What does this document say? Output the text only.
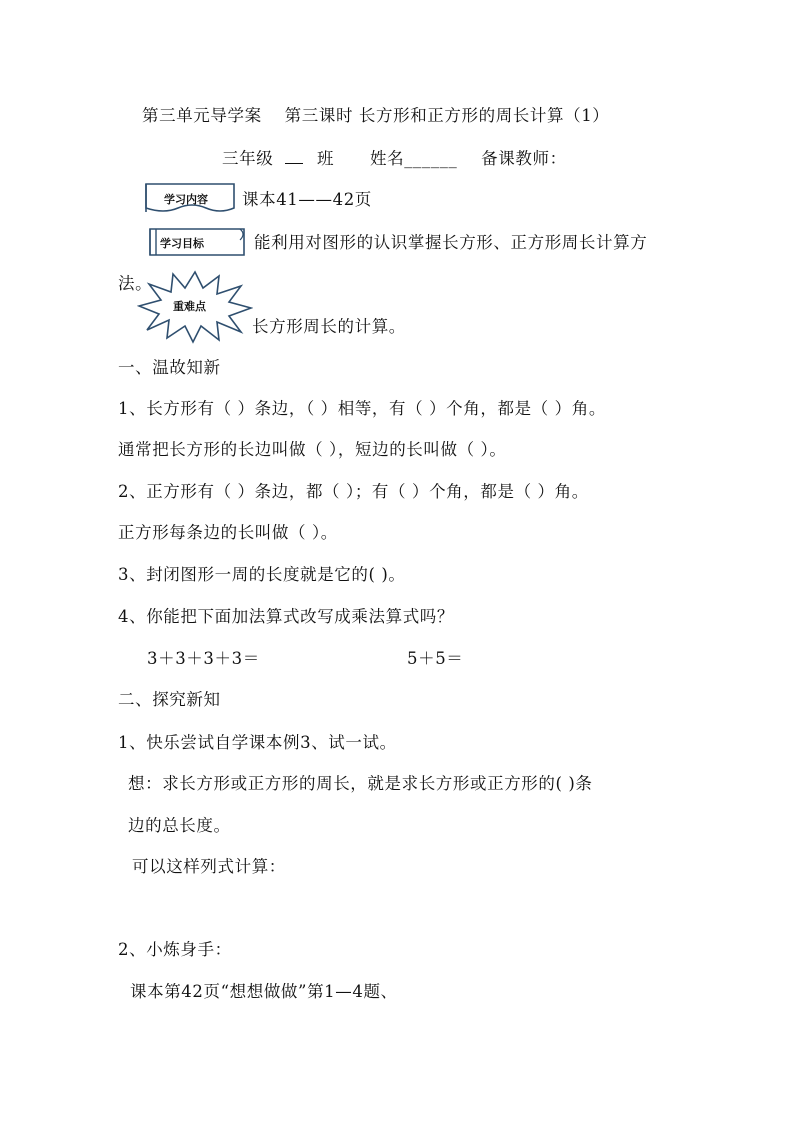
第三单元导学案　 第三课时 长方形和正方形的周长计算（1）
三年级	班 姓名______ 备课教师：
学习内容 课本41——42页
学习目标	能利用对图形的认识掌握长方形、正方形周长计算方
法。
重难点
长方形周长的计算。
一、温故知新
1、长方形有（ ）条边，（ ）相等，有（ ）个角，都是（ ）角。
通常把长方形的长边叫做（ ），短边的长叫做（ ）。
2、正方形有（ ）条边，都（ ）；有（ ）个角，都是（ ）角。
正方形每条边的长叫做（ ）。
3、封闭图形一周的长度就是它的( )。
4、你能把下面加法算式改写成乘法算式吗？
3＋3＋3＋3＝	5＋5＝
二、探究新知
1、快乐尝试自学课本例3、试一试。
想：求长方形或正方形的周长，就是求长方形或正方形的( )条
边的总长度。
可以这样列式计算：
2、小炼身手：
课本第42页“想想做做”第1—4题、
